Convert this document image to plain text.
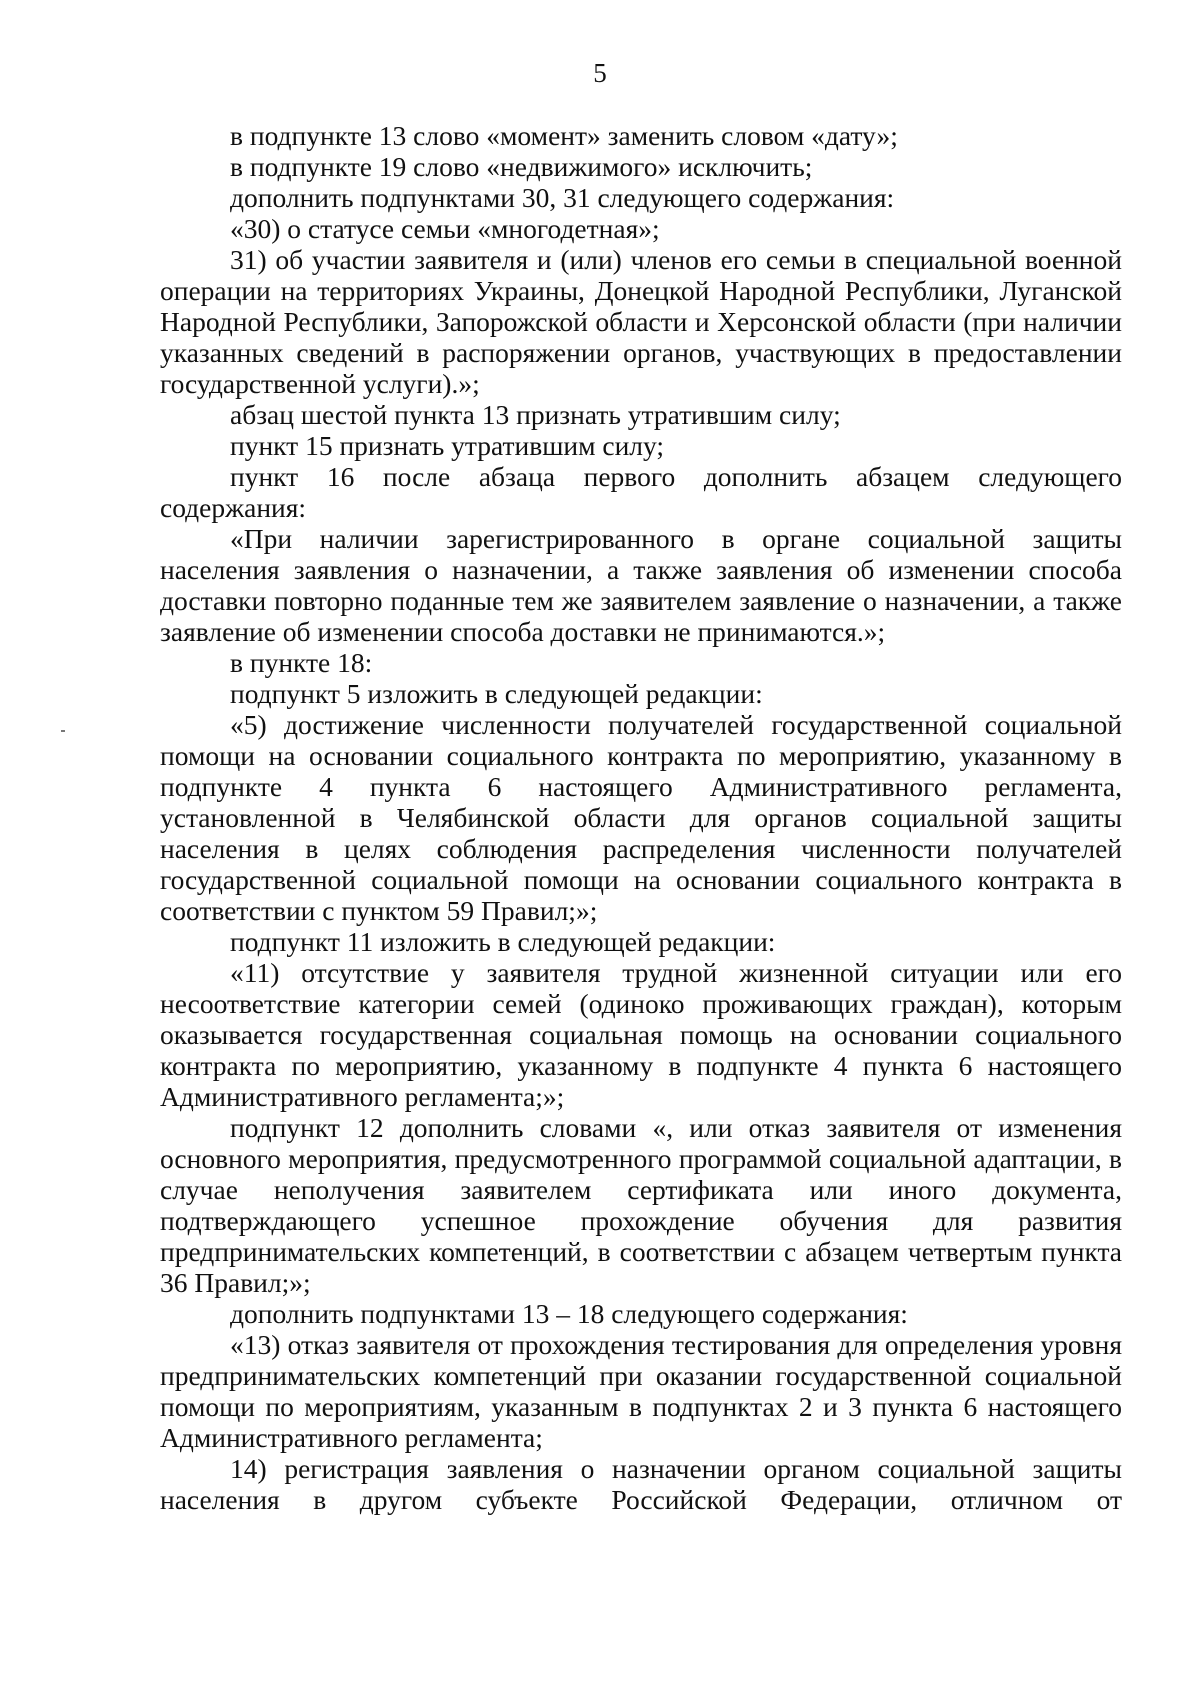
5

в подпункте 13 слово «момент» заменить словом «дату»;

в подпункте 19 слово «недвижимого» исключить;

дополнить подпунктами 30, 31 следующего содержания:

«30) о статусе семьи «многодетная»;

31) об участии заявителя и (или) членов его семьи в специальной военной операции на территориях Украины, Донецкой Народной Республики, Луганской Народной Республики, Запорожской области и Херсонской области (при наличии указанных сведений в распоряжении органов, участвующих в предоставлении государственной услуги).»;

абзац шестой пункта 13 признать утратившим силу;

пункт 15 признать утратившим силу;

пункт 16 после абзаца первого дополнить абзацем следующего содержания:

«При наличии зарегистрированного в органе социальной защиты населения заявления о назначении, а также заявления об изменении способа доставки повторно поданные тем же заявителем заявление о назначении, а также заявление об изменении способа доставки не принимаются.»;

в пункте 18:

подпункт 5 изложить в следующей редакции:

«5) достижение численности получателей государственной социальной помощи на основании социального контракта по мероприятию, указанному в подпункте 4 пункта 6 настоящего Административного регламента, установленной в Челябинской области для органов социальной защиты населения в целях соблюдения распределения численности получателей государственной социальной помощи на основании социального контракта в соответствии с пунктом 59 Правил;»;

подпункт 11 изложить в следующей редакции:

«11) отсутствие у заявителя трудной жизненной ситуации или его несоответствие категории семей (одиноко проживающих граждан), которым оказывается государственная социальная помощь на основании социального контракта по мероприятию, указанному в подпункте 4 пункта 6 настоящего Административного регламента;»;

подпункт 12 дополнить словами «, или отказ заявителя от изменения основного мероприятия, предусмотренного программой социальной адаптации, в случае неполучения заявителем сертификата или иного документа, подтверждающего успешное прохождение обучения для развития предпринимательских компетенций, в соответствии с абзацем четвертым пункта 36 Правил;»;

дополнить подпунктами 13 – 18 следующего содержания:

«13) отказ заявителя от прохождения тестирования для определения уровня предпринимательских компетенций при оказании государственной социальной помощи по мероприятиям, указанным в подпунктах 2 и 3 пункта 6 настоящего Административного регламента;

14) регистрация заявления о назначении органом социальной защиты населения в другом субъекте Российской Федерации, отличном от
